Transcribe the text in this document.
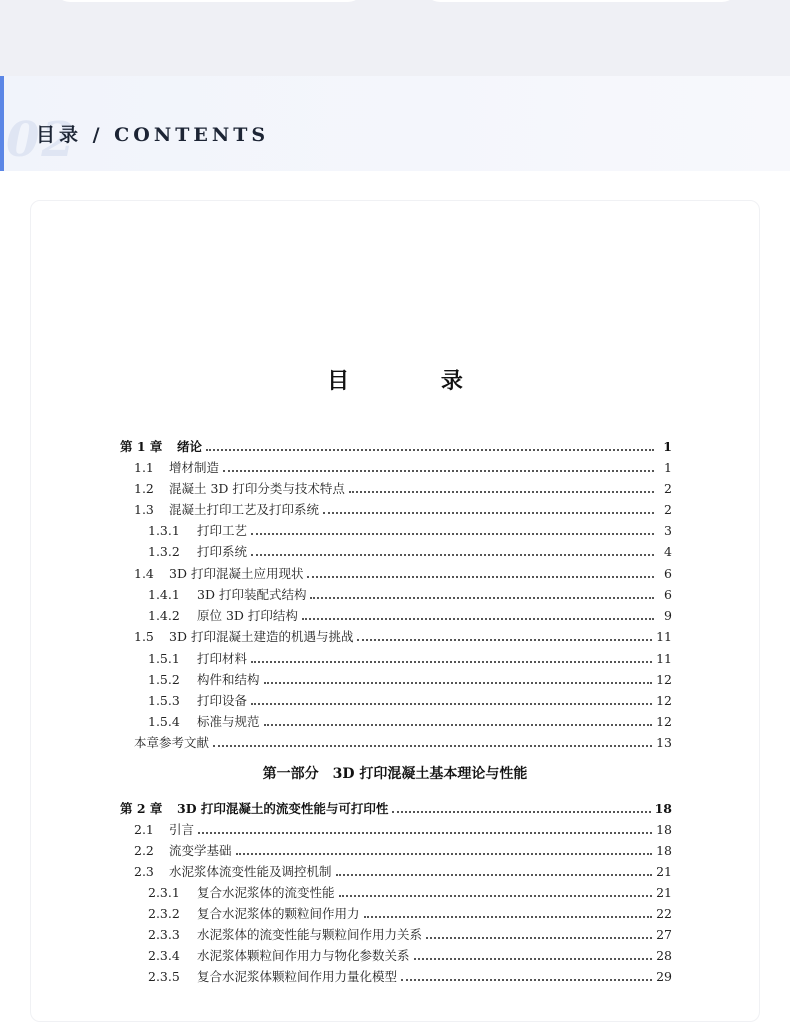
02
目录 / CONTENTS
目 录
第 1 章	绪论	1
1.1	增材制造	1
1.2	混凝土 3D 打印分类与技术特点	2
1.3	混凝土打印工艺及打印系统	2
1.3.1	打印工艺	3
1.3.2	打印系统	4
1.4	3D 打印混凝土应用现状	6
1.4.1	3D 打印装配式结构	6
1.4.2	原位 3D 打印结构	9
1.5	3D 打印混凝土建造的机遇与挑战	11
1.5.1	打印材料	11
1.5.2	构件和结构	12
1.5.3	打印设备	12
1.5.4	标准与规范	12
本章参考文献	13
第 2 章	3D 打印混凝土的流变性能与可打印性	18
2.1	引言	18
2.2	流变学基础	18
2.3	水泥浆体流变性能及调控机制	21
2.3.1	复合水泥浆体的流变性能	21
2.3.2	复合水泥浆体的颗粒间作用力	22
2.3.3	水泥浆体的流变性能与颗粒间作用力关系	27
2.3.4	水泥浆体颗粒间作用力与物化参数关系	28
2.3.5	复合水泥浆体颗粒间作用力量化模型	29
第一部分　3D 打印混凝土基本理论与性能
